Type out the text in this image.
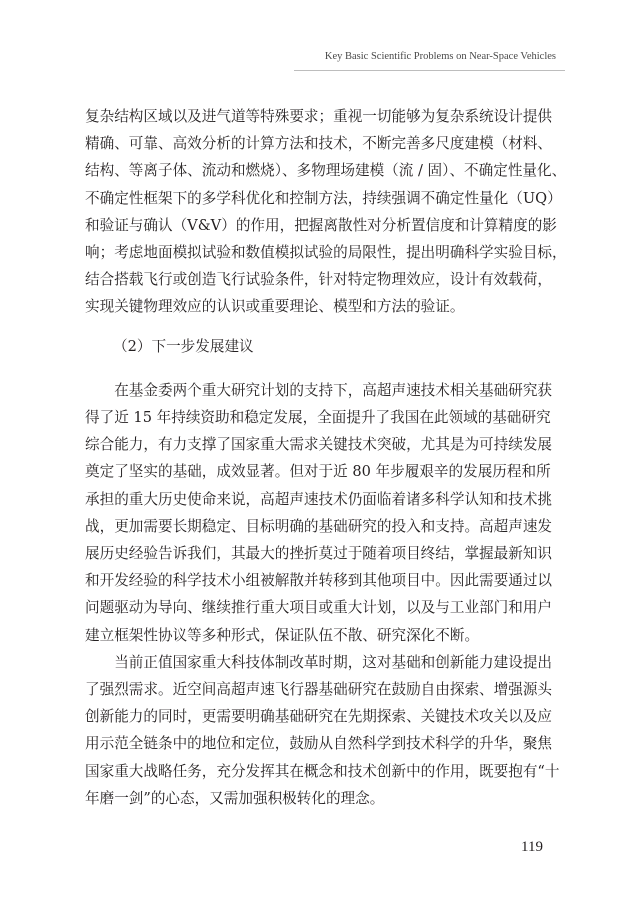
Key Basic Scientific Problems on Near-Space Vehicles

复杂结构区域以及进气道等特殊要求；重视一切能够为复杂系统设计提供
精确、可靠、高效分析的计算方法和技术，不断完善多尺度建模（材料、
结构、等离子体、流动和燃烧）、多物理场建模（流 / 固）、不确定性量化、
不确定性框架下的多学科优化和控制方法，持续强调不确定性量化（UQ）
和验证与确认（V&V）的作用，把握离散性对分析置信度和计算精度的影
响；考虑地面模拟试验和数值模拟试验的局限性，提出明确科学实验目标，
结合搭载飞行或创造飞行试验条件，针对特定物理效应，设计有效载荷，
实现关键物理效应的认识或重要理论、模型和方法的验证。

（2）下一步发展建议

　　在基金委两个重大研究计划的支持下，高超声速技术相关基础研究获
得了近 15 年持续资助和稳定发展，全面提升了我国在此领域的基础研究
综合能力，有力支撑了国家重大需求关键技术突破，尤其是为可持续发展
奠定了坚实的基础，成效显著。但对于近 80 年步履艰辛的发展历程和所
承担的重大历史使命来说，高超声速技术仍面临着诸多科学认知和技术挑
战，更加需要长期稳定、目标明确的基础研究的投入和支持。高超声速发
展历史经验告诉我们，其最大的挫折莫过于随着项目终结，掌握最新知识
和开发经验的科学技术小组被解散并转移到其他项目中。因此需要通过以
问题驱动为导向、继续推行重大项目或重大计划，以及与工业部门和用户
建立框架性协议等多种形式，保证队伍不散、研究深化不断。

　　当前正值国家重大科技体制改革时期，这对基础和创新能力建设提出
了强烈需求。近空间高超声速飞行器基础研究在鼓励自由探索、增强源头
创新能力的同时，更需要明确基础研究在先期探索、关键技术攻关以及应
用示范全链条中的地位和定位，鼓励从自然科学到技术科学的升华，聚焦
国家重大战略任务，充分发挥其在概念和技术创新中的作用，既要抱有“十
年磨一剑”的心态，又需加强积极转化的理念。

119
